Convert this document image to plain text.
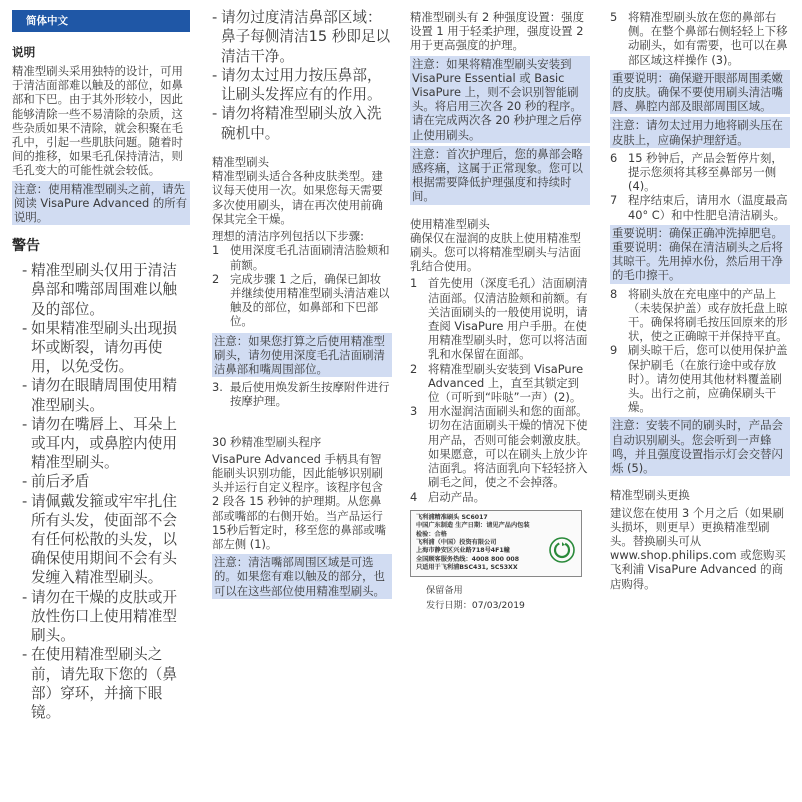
简体中文

说明

精准型刷头采用独特的设计，可用于清洁面部难以触及的部位，如鼻部和下巴。由于其外形较小，因此能够清除一些不易清除的杂质，这些杂质如果不清除，就会积聚在毛孔中，引起一些肌肤问题。随着时间的推移，如果毛孔保持清洁，则毛孔变大的可能性就会较低。

注意：使用精准型刷头之前，请先阅读 VisaPure Advanced 的所有说明。

警告

- 精准型刷头仅用于清洁鼻部和嘴部周围难以触及的部位。
- 如果精准型刷头出现损坏或断裂，请勿再使用，以免受伤。
- 请勿在眼睛周围使用精准型刷头。
- 请勿在嘴唇上、耳朵上或耳内，或鼻腔内使用精准型刷头。
- 前后矛盾
- 请佩戴发箍或牢牢扎住所有头发，使面部不会有任何松散的头发，以确保使用期间不会有头发缠入精准型刷头。
- 请勿在干燥的皮肤或开放性伤口上使用精准型刷头。
- 在使用精准型刷头之前，请先取下您的（鼻部）穿环，并摘下眼镜。
- 请勿过度清洁鼻部区域：鼻子每侧清洁15 秒即足以清洁干净。
- 请勿太过用力按压鼻部，让刷头发挥应有的作用。
- 请勿将精准型刷头放入洗碗机中。

精准型刷头

精准型刷头适合各种皮肤类型。建议每天使用一次。如果您每天需要多次使用刷头，请在再次使用前确保其完全干燥。

理想的清洁序列包括以下步骤:

1 使用深度毛孔洁面刷清洁脸颊和前额。
2 完成步骤 1 之后，确保已卸妆并继续使用精准型刷头清洁难以触及的部位，如鼻部和下巴部位。

注意：如果您打算之后使用精准型刷头，请勿使用深度毛孔洁面刷清洁鼻部和嘴周围部位。

3. 最后使用焕发新生按摩附件进行按摩护理。

30 秒精准型刷头程序

VisaPure Advanced 手柄具有智能刷头识别功能，因此能够识别刷头并运行自定义程序。该程序包含 2 段各 15 秒钟的护理期。从您鼻部或嘴部的右侧开始。当产品运行15秒后暂定时，移至您的鼻部或嘴部左侧 (1)。

注意：清洁嘴部周围区域是可选的。如果您有难以触及的部分，也可以在这些部位使用精准型刷头。

精准型刷头有 2 种强度设置：强度设置 1 用于轻柔护理，强度设置 2 用于更高强度的护理。

注意：如果将精准型刷头安装到 VisaPure Essential 或 Basic VisaPure 上，则不会识别智能刷头。将启用三次各 20 秒的程序。请在完成两次各 20 秒护理之后停止使用刷头。

注意：首次护理后，您的鼻部会略感疼痛，这属于正常现象。您可以根据需要降低护理强度和持续时间。

使用精准型刷头

确保仅在湿润的皮肤上使用精准型刷头。您可以将精准型刷头与洁面乳结合使用。

1 首先使用（深度毛孔）洁面刷清洁面部。仅清洁脸颊和前额。有关洁面刷头的一般使用说明，请查阅 VisaPure 用户手册。在使用精准型刷头时，您可以将洁面乳和水保留在面部。
2 将精准型刷头安装到 VisaPure Advanced 上，直至其锁定到位（可听到“咔哒”一声）(2)。
3 用水湿润洁面刷头和您的面部。切勿在洁面刷头干燥的情况下使用产品，否则可能会刺激皮肤。如果愿意，可以在刷头上放少许洁面乳。将洁面乳向下轻轻挤入刷毛之间，使之不会掉落。
4 启动产品。
飞利浦精准刷头 SC6017
中国广东制造 生产日期：请见产品内包装
检验：合格
飞利浦（中国）投资有限公司
上海市静安区兴业路718号4F1幢
全国顾客服务热线：4008 800 008
只适用于飞利浦BSC431, SC53XX

保留备用

发行日期：07/03/2019

5 将精准型刷头放在您的鼻部右侧。在整个鼻部右侧轻轻上下移动刷头，如有需要，也可以在鼻部区域这样操作 (3)。

重要说明：确保避开眼部周围柔嫩的皮肤。确保不要使用刷头清洁嘴唇、鼻腔内部及眼部周围区域。

注意：请勿太过用力地将刷头压在皮肤上，应确保护理舒适。

6 15 秒钟后，产品会暂停片刻，提示您须将其移至鼻部另一侧 (4)。
7 程序结束后，请用水（温度最高 40° C）和中性肥皂清洁刷头。

重要说明：确保正确冲洗掉肥皂。重要说明：确保在清洁刷头之后将其晾干。先用掉水份，然后用干净的毛巾擦干。

8 将刷头放在充电座中的产品上（未装保护盖）或存放托盘上晾干。确保将刷毛按压回原来的形状，使之正确晾干并保持平直。
9 刷头晾干后，您可以使用保护盖保护刷毛（在旅行途中或存放时）。请勿使用其他材料覆盖刷头。出行之前，应确保刷头干燥。

注意：安装不同的刷头时，产品会自动识别刷头。您会听到一声蜂鸣，并且强度设置指示灯会交替闪烁 (5)。

精准型刷头更换

建议您在使用 3 个月之后（如果刷头损坏，则更早）更换精准型刷头。替换刷头可从 www.shop.philips.com 或您购买飞利浦 VisaPure Advanced 的商店购得。
